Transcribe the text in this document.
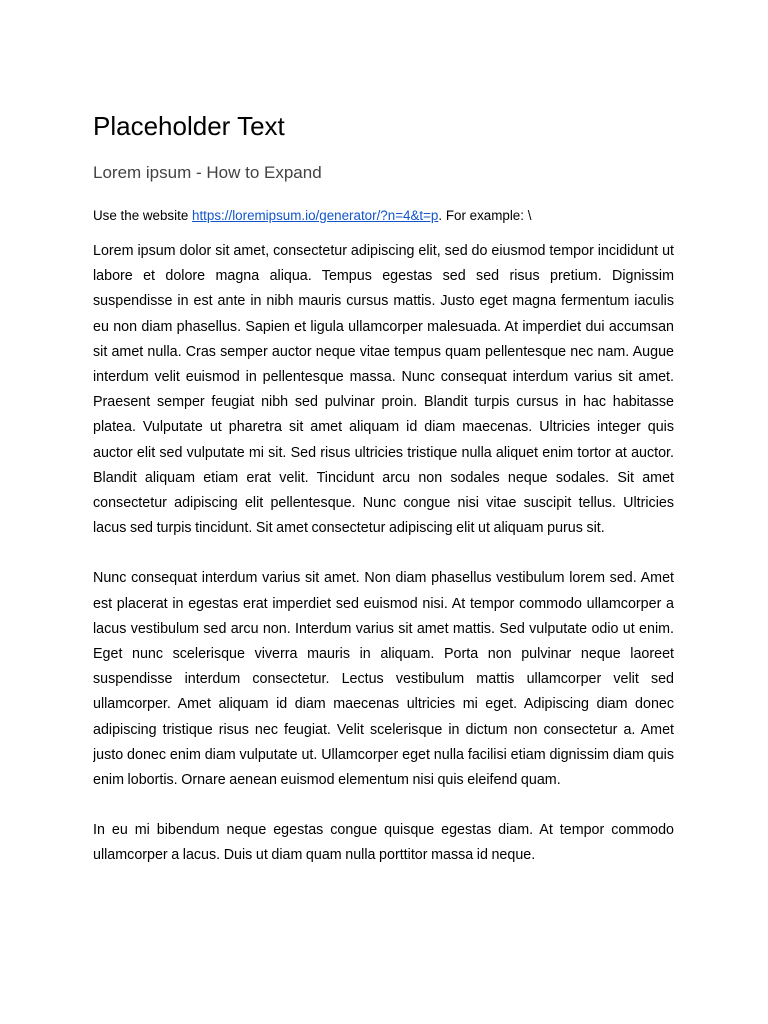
Placeholder Text
Lorem ipsum - How to Expand

Use the website https://loremipsum.io/generator/?n=4&t=p. For example: \

Lorem ipsum dolor sit amet, consectetur adipiscing elit, sed do eiusmod tempor incididunt ut labore et dolore magna aliqua. Tempus egestas sed sed risus pretium. Dignissim suspendisse in est ante in nibh mauris cursus mattis. Justo eget magna fermentum iaculis eu non diam phasellus. Sapien et ligula ullamcorper malesuada. At imperdiet dui accumsan sit amet nulla. Cras semper auctor neque vitae tempus quam pellentesque nec nam. Augue interdum velit euismod in pellentesque massa. Nunc consequat interdum varius sit amet. Praesent semper feugiat nibh sed pulvinar proin. Blandit turpis cursus in hac habitasse platea. Vulputate ut pharetra sit amet aliquam id diam maecenas. Ultricies integer quis auctor elit sed vulputate mi sit. Sed risus ultricies tristique nulla aliquet enim tortor at auctor. Blandit aliquam etiam erat velit. Tincidunt arcu non sodales neque sodales. Sit amet consectetur adipiscing elit pellentesque. Nunc congue nisi vitae suscipit tellus. Ultricies lacus sed turpis tincidunt. Sit amet consectetur adipiscing elit ut aliquam purus sit.

Nunc consequat interdum varius sit amet. Non diam phasellus vestibulum lorem sed. Amet est placerat in egestas erat imperdiet sed euismod nisi. At tempor commodo ullamcorper a lacus vestibulum sed arcu non. Interdum varius sit amet mattis. Sed vulputate odio ut enim. Eget nunc scelerisque viverra mauris in aliquam. Porta non pulvinar neque laoreet suspendisse interdum consectetur. Lectus vestibulum mattis ullamcorper velit sed ullamcorper. Amet aliquam id diam maecenas ultricies mi eget. Adipiscing diam donec adipiscing tristique risus nec feugiat. Velit scelerisque in dictum non consectetur a. Amet justo donec enim diam vulputate ut. Ullamcorper eget nulla facilisi etiam dignissim diam quis enim lobortis. Ornare aenean euismod elementum nisi quis eleifend quam.

In eu mi bibendum neque egestas congue quisque egestas diam. At tempor commodo ullamcorper a lacus. Duis ut diam quam nulla porttitor massa id neque.
